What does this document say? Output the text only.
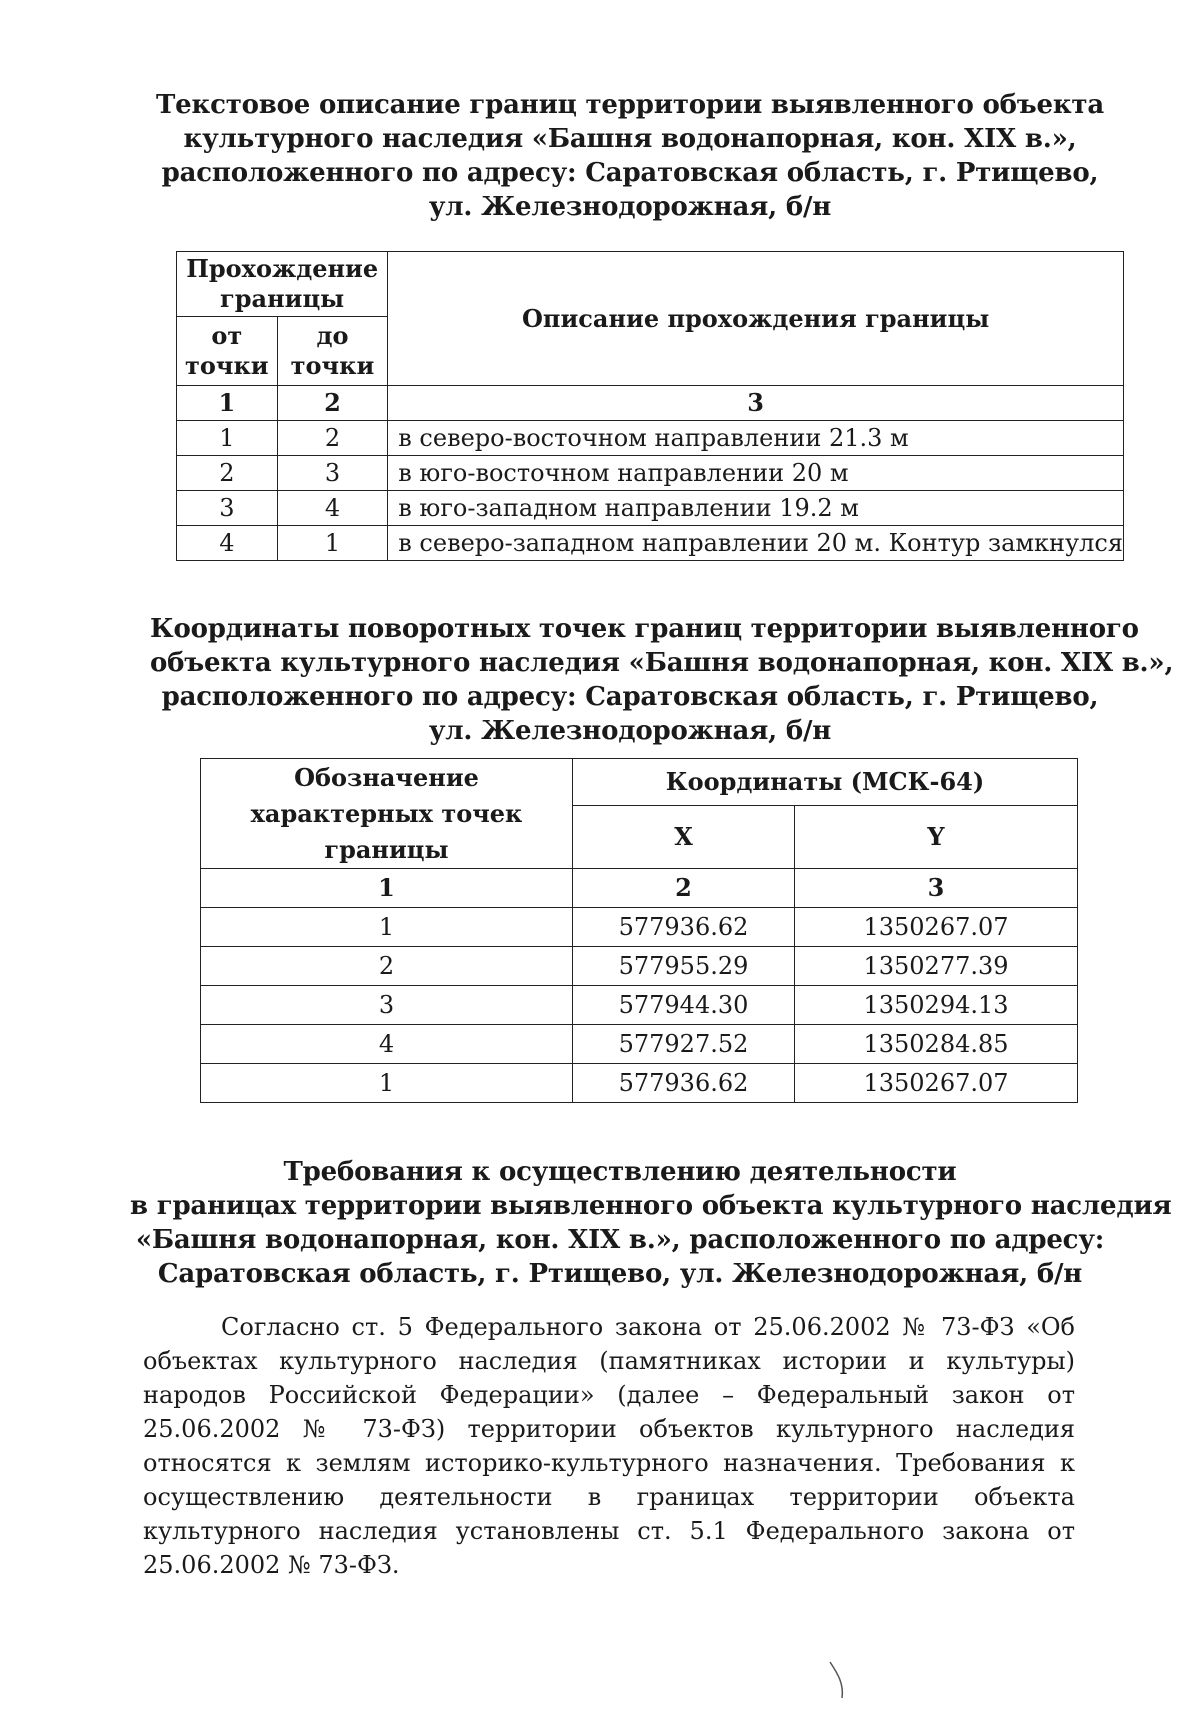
Текстовое описание границ территории выявленного объекта
культурного наследия «Башня водонапорная, кон. XIX в.»,
расположенного по адресу: Саратовская область, г. Ртищево,
ул. Железнодорожная, б/н
Прохождение границы		Описание прохождения границы
от точки	до точки	
1	2	3
1	2	в северо-восточном направлении 21.3 м
2	3	в юго-восточном направлении 20 м
3	4	в юго-западном направлении 19.2 м
4	1	в северо-западном направлении 20 м. Контур замкнулся
Координаты поворотных точек границ территории выявленного
объекта культурного наследия «Башня водонапорная, кон. XIX в.»,
расположенного по адресу: Саратовская область, г. Ртищево,
ул. Железнодорожная, б/н
Обозначение характерных точек границы	Координаты (МСК-64)	
	X	Y
1	2	3
1	577936.62	1350267.07
2	577955.29	1350277.39
3	577944.30	1350294.13
4	577927.52	1350284.85
1	577936.62	1350267.07
Требования к осуществлению деятельности
в границах территории выявленного объекта культурного наследия
«Башня водонапорная, кон. XIX в.», расположенного по адресу:
Саратовская область, г. Ртищево, ул. Железнодорожная, б/н
Согласно ст. 5 Федерального закона от 25.06.2002 № 73-ФЗ «Об объектах культурного наследия (памятниках истории и культуры) народов Российской Федерации» (далее – Федеральный закон от 25.06.2002 № 73-ФЗ) территории объектов культурного наследия относятся к землям историко-культурного назначения. Требования к осуществлению деятельности в границах территории объекта культурного наследия установлены ст. 5.1 Федерального закона от 25.06.2002 № 73-ФЗ.
